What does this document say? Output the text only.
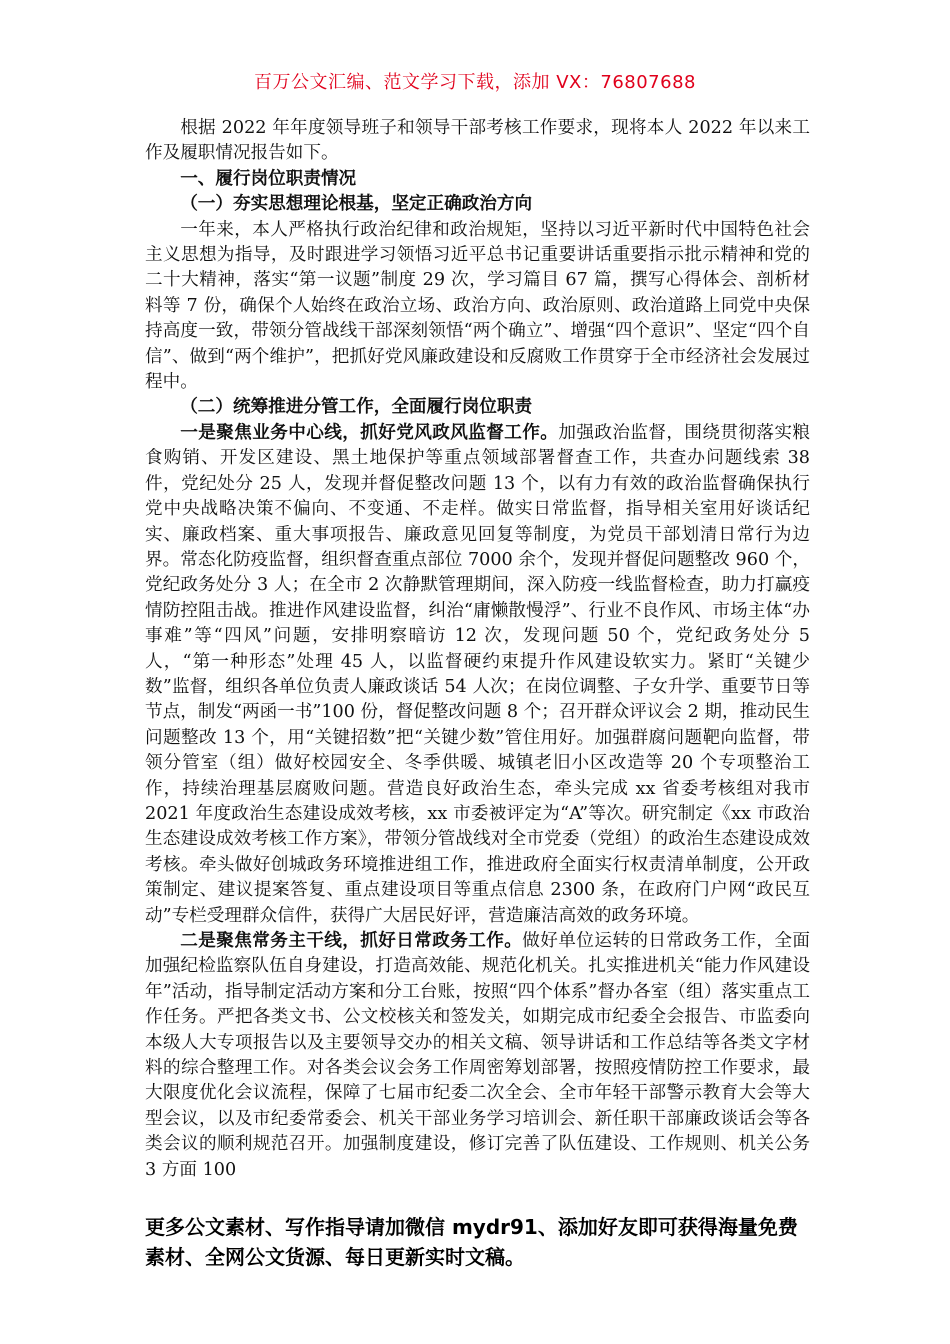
百万公文汇编、范文学习下载，添加 VX：76807688

根据 2022 年年度领导班子和领导干部考核工作要求，现将本人 2022 年以来工作及履职情况报告如下。

一、履行岗位职责情况

（一）夯实思想理论根基，坚定正确政治方向

一年来，本人严格执行政治纪律和政治规矩，坚持以习近平新时代中国特色社会主义思想为指导，及时跟进学习领悟习近平总书记重要讲话重要指示批示精神和党的二十大精神，落实“第一议题”制度 29 次，学习篇目 67 篇，撰写心得体会、剖析材料等 7 份，确保个人始终在政治立场、政治方向、政治原则、政治道路上同党中央保持高度一致，带领分管战线干部深刻领悟“两个确立”、增强“四个意识”、坚定“四个自信”、做到“两个维护”，把抓好党风廉政建设和反腐败工作贯穿于全市经济社会发展过程中。

（二）统筹推进分管工作，全面履行岗位职责

一是聚焦业务中心线，抓好党风政风监督工作。加强政治监督，围绕贯彻落实粮食购销、开发区建设、黑土地保护等重点领域部署督查工作，共查办问题线索 38 件，党纪处分 25 人，发现并督促整改问题 13 个，以有力有效的政治监督确保执行党中央战略决策不偏向、不变通、不走样。做实日常监督，指导相关室用好谈话纪实、廉政档案、重大事项报告、廉政意见回复等制度，为党员干部划清日常行为边界。常态化防疫监督，组织督查重点部位 7000 余个，发现并督促问题整改 960 个，党纪政务处分 3 人；在全市 2 次静默管理期间，深入防疫一线监督检查，助力打赢疫情防控阻击战。推进作风建设监督，纠治“庸懒散慢浮”、行业不良作风、市场主体“办事难”等“四风”问题，安排明察暗访 12 次，发现问题 50 个，党纪政务处分 5 人，“第一种形态”处理 45 人，以监督硬约束提升作风建设软实力。紧盯“关键少数”监督，组织各单位负责人廉政谈话 54 人次；在岗位调整、子女升学、重要节日等节点，制发“两函一书”100 份，督促整改问题 8 个；召开群众评议会 2 期，推动民生问题整改 13 个，用“关键招数”把“关键少数”管住用好。加强群腐问题靶向监督，带领分管室（组）做好校园安全、冬季供暖、城镇老旧小区改造等 20 个专项整治工作，持续治理基层腐败问题。营造良好政治生态，牵头完成 xx 省委考核组对我市 2021 年度政治生态建设成效考核，xx 市委被评定为“A”等次。研究制定《xx 市政治生态建设成效考核工作方案》，带领分管战线对全市党委（党组）的政治生态建设成效考核。牵头做好创城政务环境推进组工作，推进政府全面实行权责清单制度，公开政策制定、建议提案答复、重点建设项目等重点信息 2300 条，在政府门户网“政民互动”专栏受理群众信件，获得广大居民好评，营造廉洁高效的政务环境。

二是聚焦常务主干线，抓好日常政务工作。做好单位运转的日常政务工作，全面加强纪检监察队伍自身建设，打造高效能、规范化机关。扎实推进机关“能力作风建设年”活动，指导制定活动方案和分工台账，按照“四个体系”督办各室（组）落实重点工作任务。严把各类文书、公文校核关和签发关，如期完成市纪委全会报告、市监委向本级人大专项报告以及主要领导交办的相关文稿、领导讲话和工作总结等各类文字材料的综合整理工作。对各类会议会务工作周密筹划部署，按照疫情防控工作要求，最大限度优化会议流程，保障了七届市纪委二次全会、全市年轻干部警示教育大会等大型会议，以及市纪委常委会、机关干部业务学习培训会、新任职干部廉政谈话会等各类会议的顺利规范召开。加强制度建设，修订完善了队伍建设、工作规则、机关公务 3 方面 100

更多公文素材、写作指导请加微信 mydr91、添加好友即可获得海量免费素材、全网公文货源、每日更新实时文稿。
